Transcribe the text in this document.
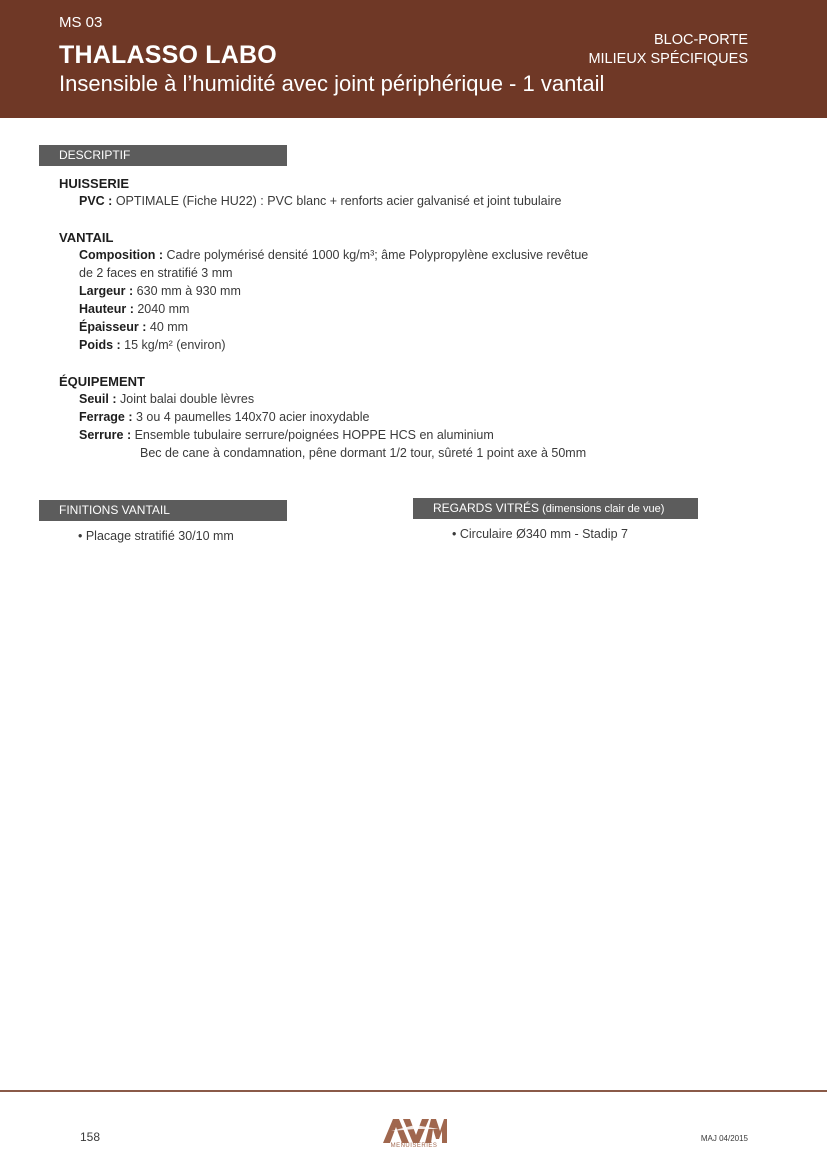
MS 03
THALASSO LABO
Insensible à l’humidité avec joint périphérique - 1 vantail
BLOC-PORTE
MILIEUX SPÉCIFIQUES
DESCRIPTIF
HUISSERIE
PVC : OPTIMALE (Fiche HU22) : PVC blanc + renforts acier galvanisé et joint tubulaire
VANTAIL
Composition : Cadre polymérisé densité 1000 kg/m³; âme Polypropylène exclusive revêtue
de 2 faces en stratifié 3 mm
Largeur : 630 mm à 930 mm
Hauteur : 2040 mm
Épaisseur : 40 mm
Poids : 15 kg/m² (environ)
ÉQUIPEMENT
Seuil : Joint balai double lèvres
Ferrage : 3 ou 4 paumelles 140x70 acier inoxydable
Serrure : Ensemble tubulaire serrure/poignées HOPPE HCS en aluminium
Bec de cane à condamnation, pêne dormant 1/2 tour, sûreté 1 point axe à 50mm
FINITIONS VANTAIL
• Placage stratifié 30/10 mm
REGARDS VITRÉS (dimensions clair de vue)
• Circulaire Ø340 mm - Stadip 7
158
MENUISERIES
MAJ 04/2015
